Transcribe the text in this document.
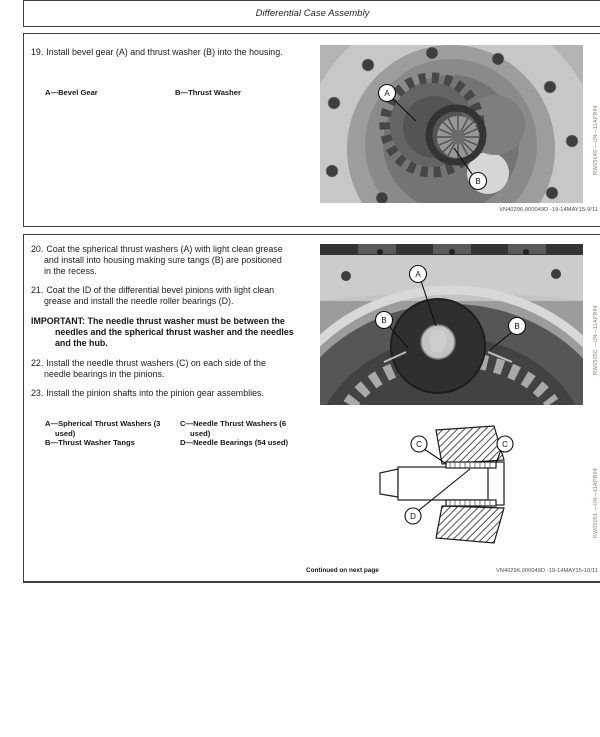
Differential Case Assembly

19. Install bevel gear (A) and thrust washer (B) into the housing.

A—Bevel Gear	B—Thrust Washer	A
B
RW05049 —UN—11APR94
VN40296,000049D -19-14MAY15-9/11

20. Coat the spherical thrust washers (A) with light clean grease and install into housing making sure tangs (B) are positioned in the recess.

21. Coat the ID of the differential bevel pinions with light clean grease and install the needle roller bearings (D).

IMPORTANT: The needle thrust washer must be between the needles and the spherical thrust washer and the needles and the hub.

22. Install the needle thrust washers (C) on each side of the needle bearings in the pinions.

23. Install the pinion shafts into the pinion gear assemblies.

A—Spherical Thrust Washers (3 used)
B—Thrust Washer Tangs
C—Needle Thrust Washers (6 used)
D—Needle Bearings (54 used)
A
B
B	RW05050 —UN—11APR94
C	C
D	RW05051 —UN—11APR94
Continued on next page	VN40296,000049D -19-14MAY15-10/11
